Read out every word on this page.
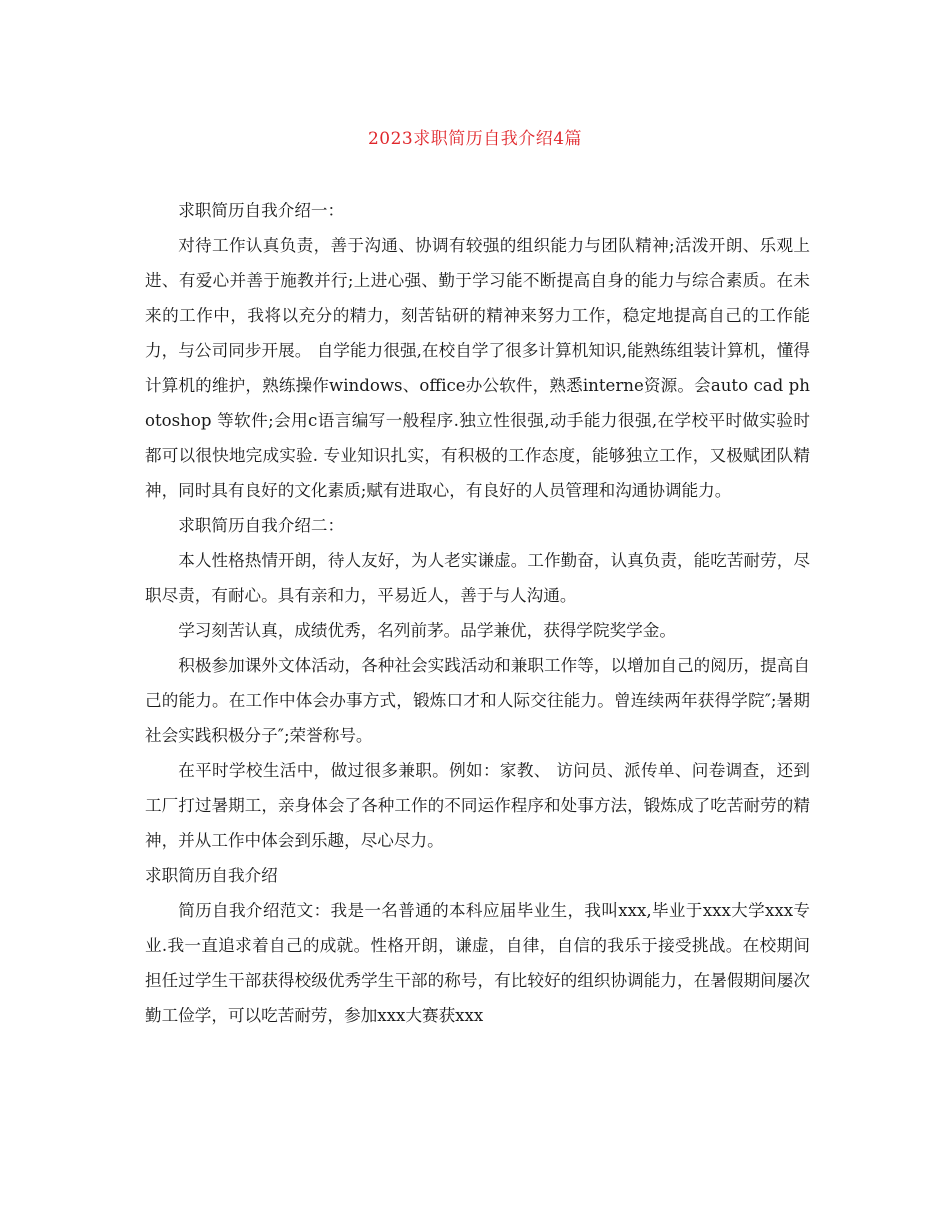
2023求职简历自我介绍4篇

求职简历自我介绍一：

对待工作认真负责，善于沟通、协调有较强的组织能力与团队精神;活泼开朗、乐观上进、有爱心并善于施教并行;上进心强、勤于学习能不断提高自身的能力与综合素质。在未来的工作中，我将以充分的精力，刻苦钻研的精神来努力工作，稳定地提高自己的工作能力，与公司同步开展。 自学能力很强,在校自学了很多计算机知识,能熟练组装计算机，懂得计算机的维护，熟练操作windows、office办公软件，熟悉interne资源。会auto cad photoshop 等软件;会用c语言编写一般程序.独立性很强,动手能力很强,在学校平时做实验时都可以很快地完成实验. 专业知识扎实，有积极的工作态度，能够独立工作，又极赋团队精神，同时具有良好的文化素质;赋有进取心，有良好的人员管理和沟通协调能力。

求职简历自我介绍二：

本人性格热情开朗，待人友好，为人老实谦虚。工作勤奋，认真负责，能吃苦耐劳，尽职尽责，有耐心。具有亲和力，平易近人，善于与人沟通。

学习刻苦认真，成绩优秀，名列前茅。品学兼优，获得学院奖学金。

积极参加课外文体活动，各种社会实践活动和兼职工作等，以增加自己的阅历，提高自己的能力。在工作中体会办事方式，锻炼口才和人际交往能力。曾连续两年获得学院″;暑期社会实践积极分子″;荣誉称号。

在平时学校生活中，做过很多兼职。例如：家教、 访问员、派传单、问卷调查，还到工厂打过暑期工，亲身体会了各种工作的不同运作程序和处事方法，锻炼成了吃苦耐劳的精神，并从工作中体会到乐趣，尽心尽力。

求职简历自我介绍

简历自我介绍范文：我是一名普通的本科应届毕业生，我叫xxx,毕业于xxx大学xxx专业.我一直追求着自己的成就。性格开朗，谦虚，自律，自信的我乐于接受挑战。在校期间担任过学生干部获得校级优秀学生干部的称号，有比较好的组织协调能力，在暑假期间屡次勤工俭学，可以吃苦耐劳，参加xxx大赛获xxx
